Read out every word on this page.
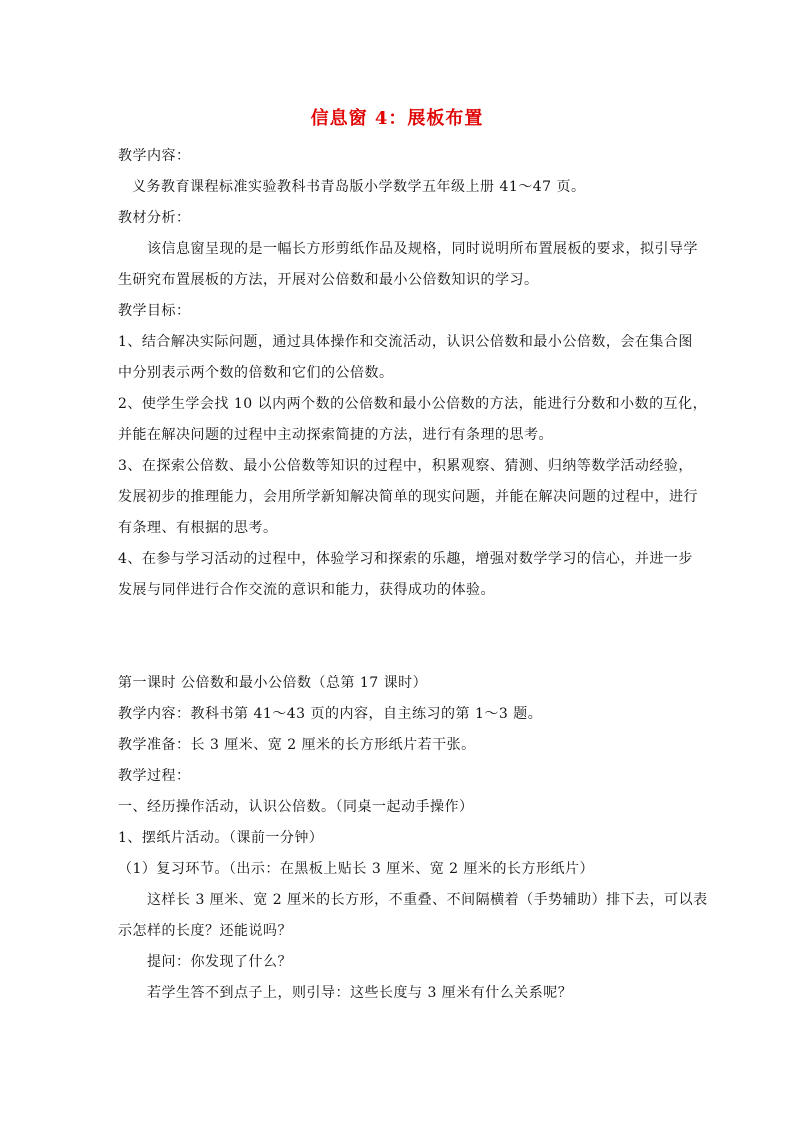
信息窗 4：展板布置
教学内容：
义务教育课程标准实验教科书青岛版小学数学五年级上册 41～47 页。
教材分析：
该信息窗呈现的是一幅长方形剪纸作品及规格，同时说明所布置展板的要求，拟引导学
生研究布置展板的方法，开展对公倍数和最小公倍数知识的学习。
教学目标：
1、结合解决实际问题，通过具体操作和交流活动，认识公倍数和最小公倍数，会在集合图
中分别表示两个数的倍数和它们的公倍数。
2、使学生学会找 10 以内两个数的公倍数和最小公倍数的方法，能进行分数和小数的互化，
并能在解决问题的过程中主动探索简捷的方法，进行有条理的思考。
3、在探索公倍数、最小公倍数等知识的过程中，积累观察、猜测、归纳等数学活动经验，
发展初步的推理能力，会用所学新知解决简单的现实问题，并能在解决问题的过程中，进行
有条理、有根据的思考。
4、在参与学习活动的过程中，体验学习和探索的乐趣，增强对数学学习的信心，并进一步
发展与同伴进行合作交流的意识和能力，获得成功的体验。
第一课时 公倍数和最小公倍数（总第 17 课时）
教学内容：教科书第 41～43 页的内容，自主练习的第 1～3 题。
教学准备：长 3 厘米、宽 2 厘米的长方形纸片若干张。
教学过程：
一、经历操作活动，认识公倍数。（同桌一起动手操作）
1、摆纸片活动。（课前一分钟）
（1）复习环节。（出示：在黑板上贴长 3 厘米、宽 2 厘米的长方形纸片）
这样长 3 厘米、宽 2 厘米的长方形，不重叠、不间隔横着（手势辅助）排下去，可以表
示怎样的长度？还能说吗？
提问：你发现了什么？
若学生答不到点子上，则引导：这些长度与 3 厘米有什么关系呢？
